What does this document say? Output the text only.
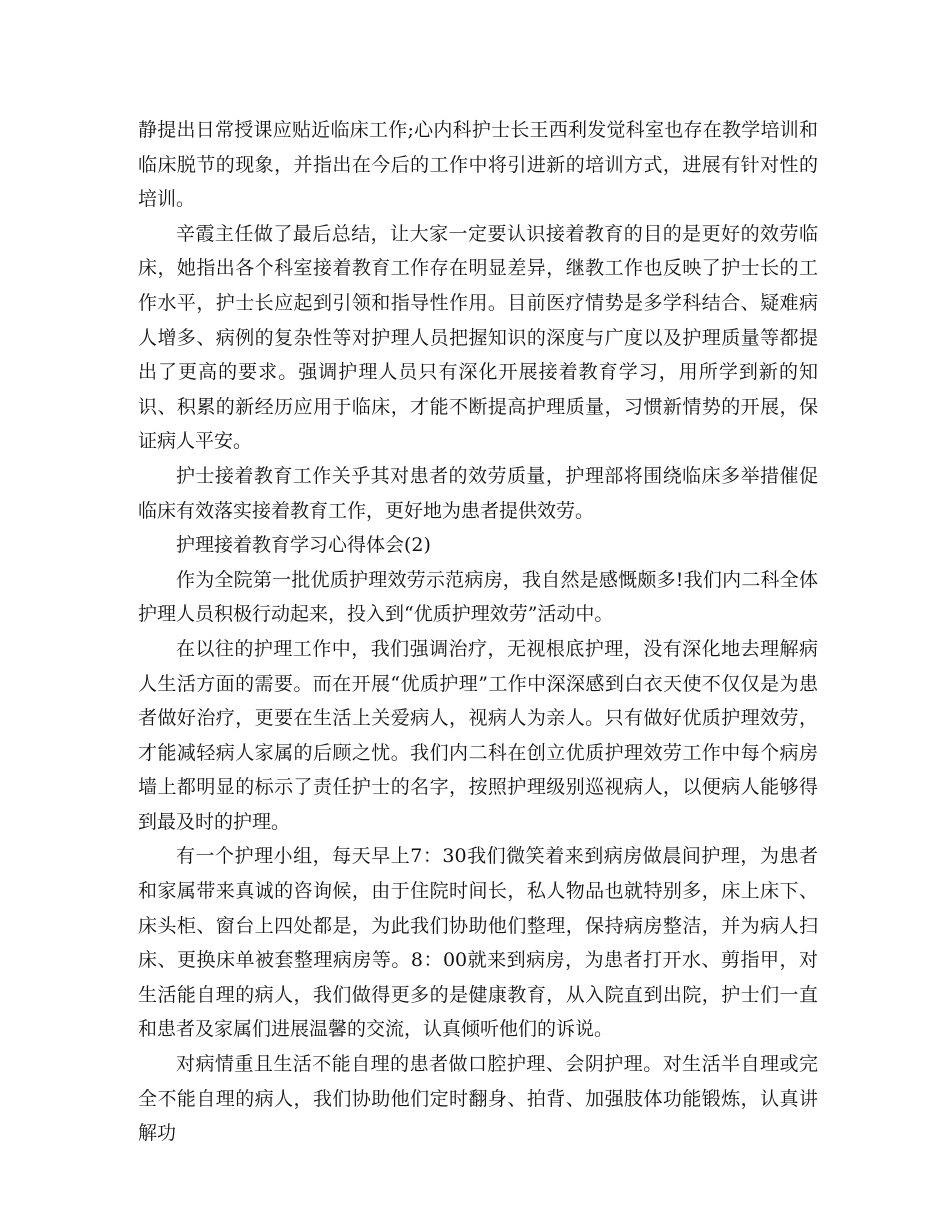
静提出日常授课应贴近临床工作;心内科护士长王西利发觉科室也存在教学培训和临床脱节的现象，并指出在今后的工作中将引进新的培训方式，进展有针对性的培训。

辛霞主任做了最后总结，让大家一定要认识接着教育的目的是更好的效劳临床，她指出各个科室接着教育工作存在明显差异，继教工作也反映了护士长的工作水平，护士长应起到引领和指导性作用。目前医疗情势是多学科结合、疑难病人增多、病例的复杂性等对护理人员把握知识的深度与广度以及护理质量等都提出了更高的要求。强调护理人员只有深化开展接着教育学习，用所学到新的知识、积累的新经历应用于临床，才能不断提高护理质量，习惯新情势的开展，保证病人平安。

护士接着教育工作关乎其对患者的效劳质量，护理部将围绕临床多举措催促临床有效落实接着教育工作，更好地为患者提供效劳。

护理接着教育学习心得体会(2)

作为全院第一批优质护理效劳示范病房，我自然是感慨颇多!我们内二科全体护理人员积极行动起来，投入到“优质护理效劳”活动中。

在以往的护理工作中，我们强调治疗，无视根底护理，没有深化地去理解病人生活方面的需要。而在开展“优质护理”工作中深深感到白衣天使不仅仅是为患者做好治疗，更要在生活上关爱病人，视病人为亲人。只有做好优质护理效劳，才能减轻病人家属的后顾之忧。我们内二科在创立优质护理效劳工作中每个病房墙上都明显的标示了责任护士的名字，按照护理级别巡视病人，以便病人能够得到最及时的护理。

有一个护理小组，每天早上7：30我们微笑着来到病房做晨间护理，为患者和家属带来真诚的咨询候，由于住院时间长，私人物品也就特别多，床上床下、床头柜、窗台上四处都是，为此我们协助他们整理，保持病房整洁，并为病人扫床、更换床单被套整理病房等。8：00就来到病房，为患者打开水、剪指甲，对生活能自理的病人，我们做得更多的是健康教育，从入院直到出院，护士们一直和患者及家属们进展温馨的交流，认真倾听他们的诉说。

对病情重且生活不能自理的患者做口腔护理、会阴护理。对生活半自理或完全不能自理的病人，我们协助他们定时翻身、拍背、加强肢体功能锻炼，认真讲解功
